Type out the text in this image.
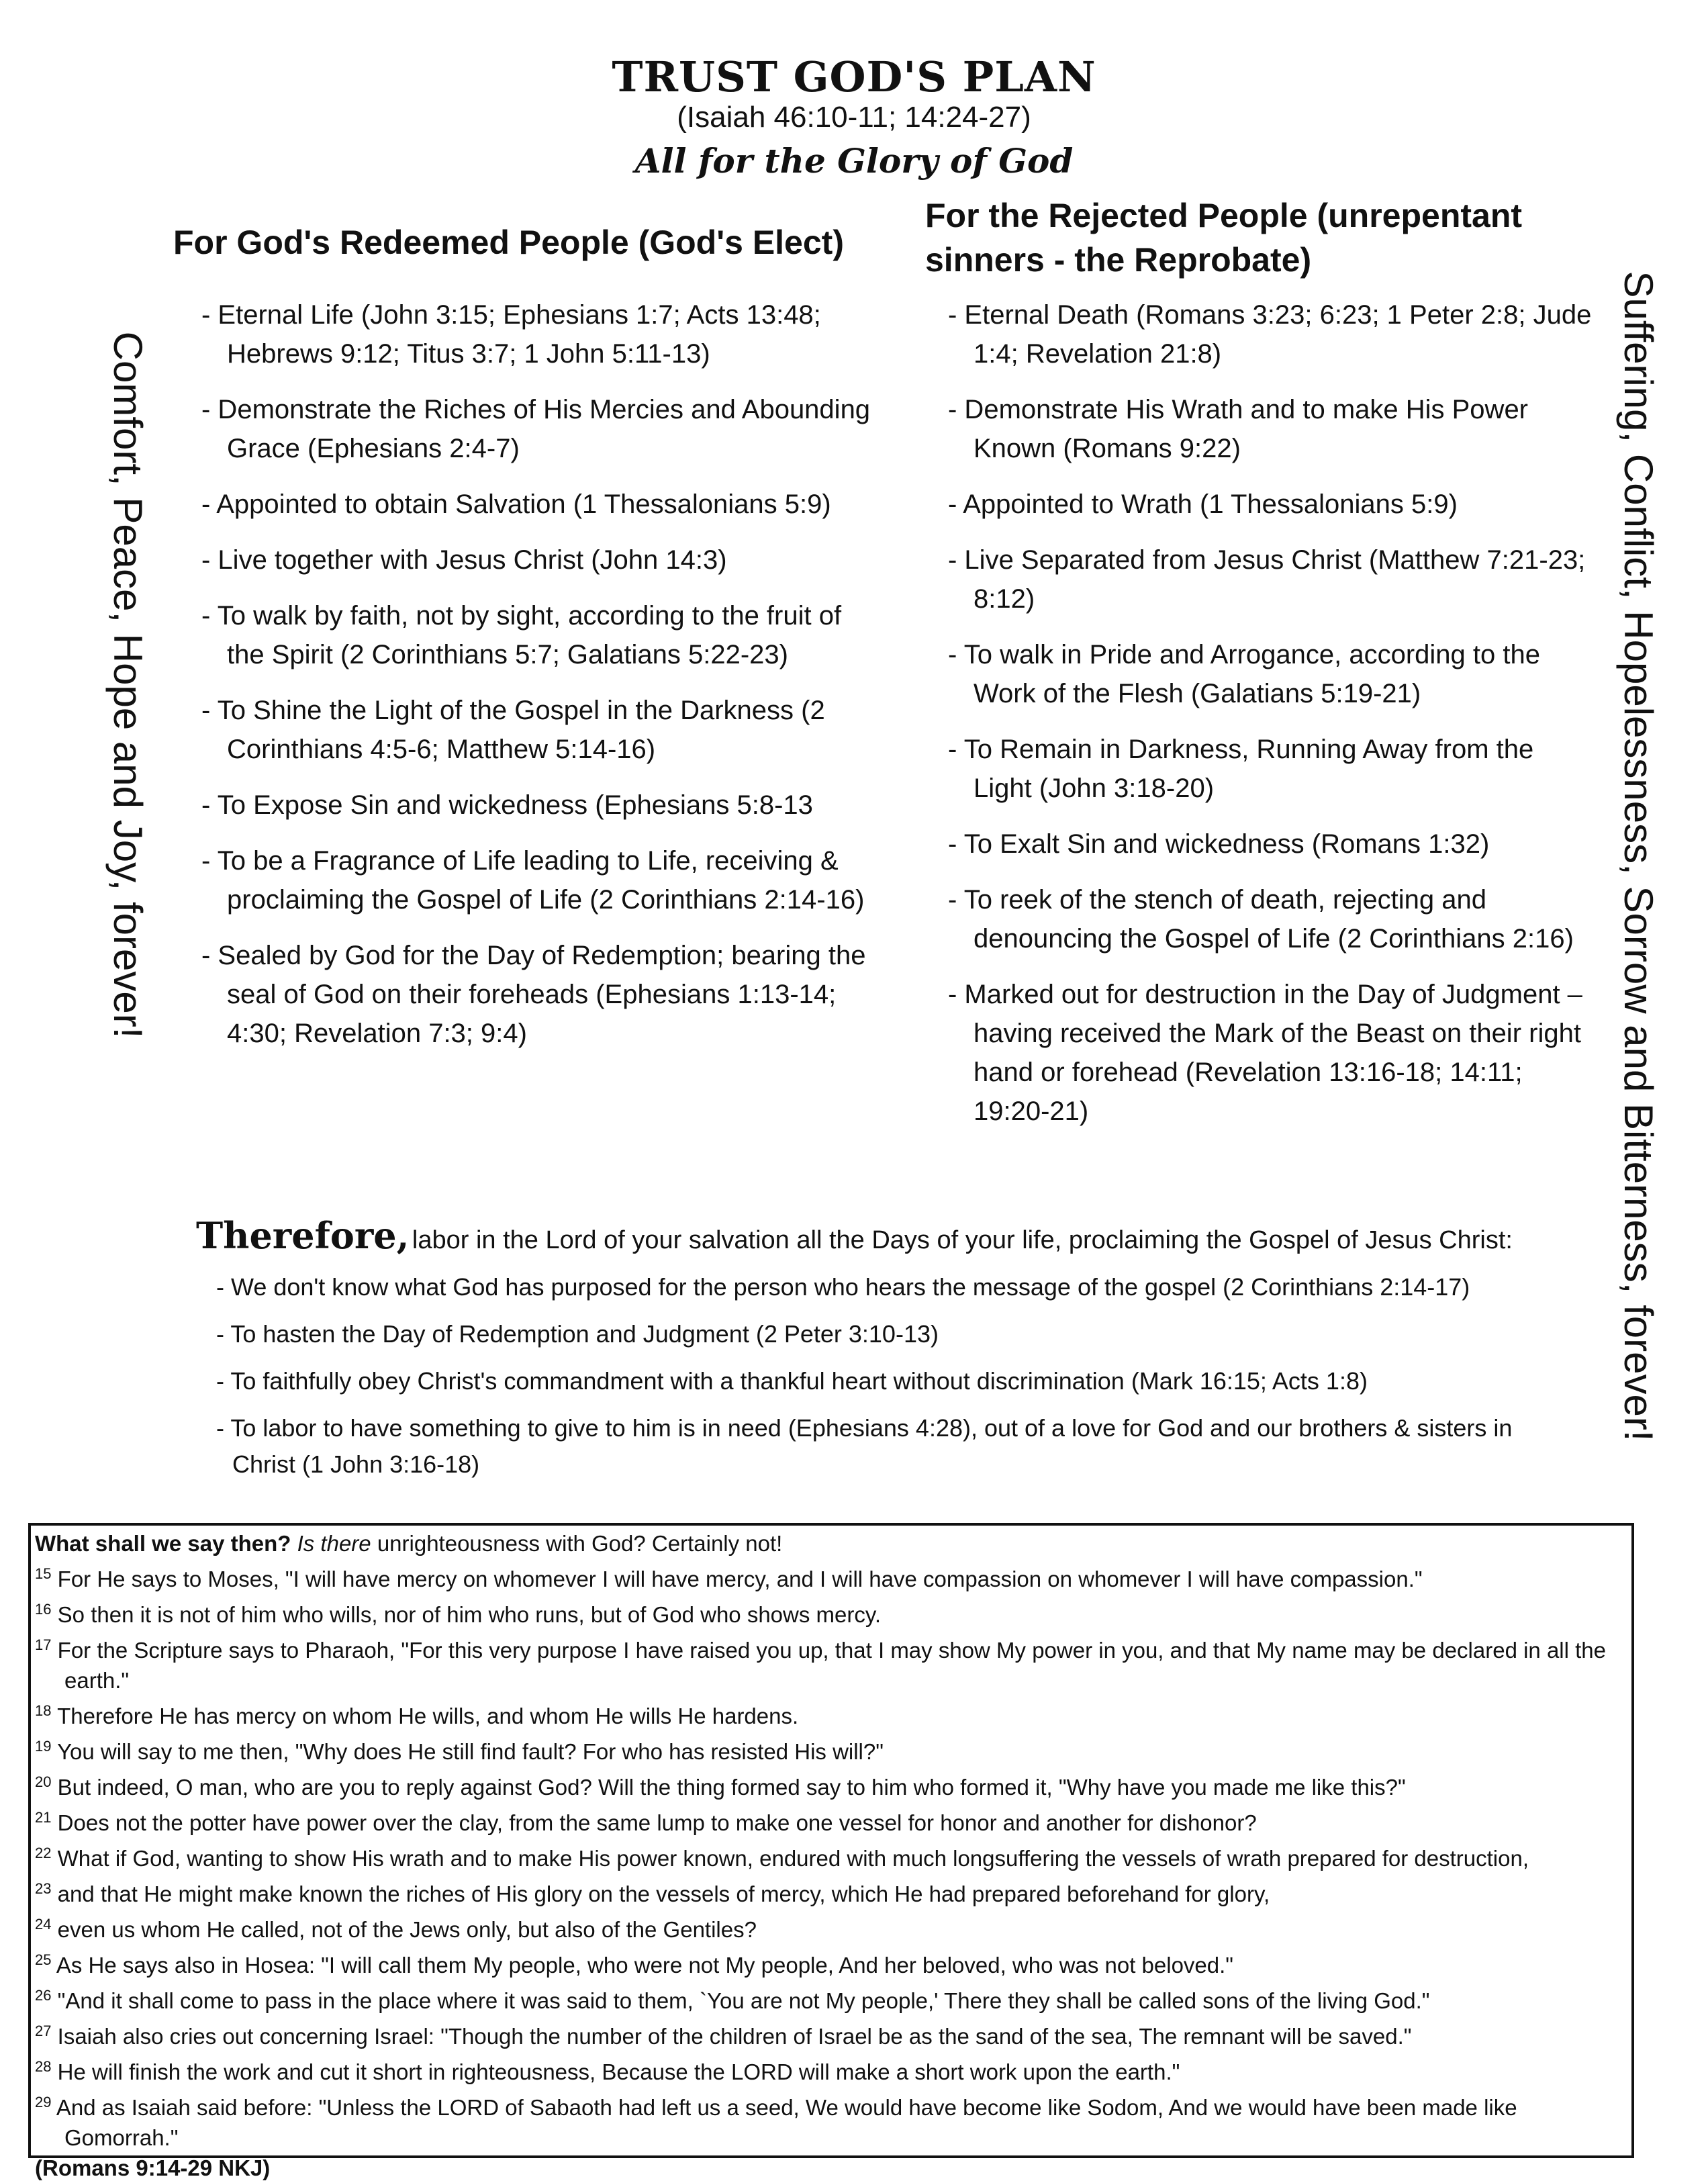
TRUST GOD'S PLAN
(Isaiah 46:10-11; 14:24-27)
All for the Glory of God
For God's Redeemed People (God's Elect)
For the Rejected People (unrepentant sinners - the Reprobate)
- Eternal Life (John 3:15; Ephesians 1:7; Acts 13:48; Hebrews 9:12; Titus 3:7; 1 John 5:11-13)
- Demonstrate the Riches of His Mercies and Abounding Grace (Ephesians 2:4-7)
- Appointed to obtain Salvation (1 Thessalonians 5:9)
- Live together with Jesus Christ (John 14:3)
- To walk by faith, not by sight, according to the fruit of the Spirit (2 Corinthians 5:7; Galatians 5:22-23)
- To Shine the Light of the Gospel in the Darkness (2 Corinthians 4:5-6; Matthew 5:14-16)
- To Expose Sin and wickedness (Ephesians 5:8-13
- To be a Fragrance of Life leading to Life, receiving & proclaiming the Gospel of Life (2 Corinthians 2:14-16)
- Sealed by God for the Day of Redemption; bearing the seal of God on their foreheads (Ephesians 1:13-14; 4:30; Revelation 7:3; 9:4)
- Eternal Death (Romans 3:23; 6:23; 1 Peter 2:8; Jude 1:4; Revelation 21:8)
- Demonstrate His Wrath and to make His Power Known (Romans 9:22)
- Appointed to Wrath (1 Thessalonians 5:9)
- Live Separated from Jesus Christ (Matthew 7:21-23; 8:12)
- To walk in Pride and Arrogance, according to the Work of the Flesh (Galatians 5:19-21)
- To Remain in Darkness, Running Away from the Light (John 3:18-20)
- To Exalt Sin and wickedness (Romans 1:32)
- To reek of the stench of death, rejecting and denouncing the Gospel of Life (2 Corinthians 2:16)
- Marked out for destruction in the Day of Judgment – having received the Mark of the Beast on their right hand or forehead (Revelation 13:16-18; 14:11; 19:20-21)
Comfort, Peace, Hope and Joy, forever!	Suffering, Conflict, Hopelessness, Sorrow and Bitterness, forever!
Therefore, labor in the Lord of your salvation all the Days of your life, proclaiming the Gospel of Jesus Christ:
- We don't know what God has purposed for the person who hears the message of the gospel (2 Corinthians 2:14-17)
- To hasten the Day of Redemption and Judgment (2 Peter 3:10-13)
- To faithfully obey Christ's commandment with a thankful heart without discrimination (Mark 16:15; Acts 1:8)
- To labor to have something to give to him is in need (Ephesians 4:28), out of a love for God and our brothers & sisters in Christ (1 John 3:16-18)
What shall we say then? Is there unrighteousness with God? Certainly not!
$^{15}$ For He says to Moses, "I will have mercy on whomever I will have mercy, and I will have compassion on whomever I will have compassion."
$^{16}$ So then it is not of him who wills, nor of him who runs, but of God who shows mercy.
$^{17}$ For the Scripture says to Pharaoh, "For this very purpose I have raised you up, that I may show My power in you, and that My name may be declared in all the earth."
$^{18}$ Therefore He has mercy on whom He wills, and whom He wills He hardens.
$^{19}$ You will say to me then, "Why does He still find fault? For who has resisted His will?"
$^{20}$ But indeed, O man, who are you to reply against God? Will the thing formed say to him who formed it, "Why have you made me like this?"
$^{21}$ Does not the potter have power over the clay, from the same lump to make one vessel for honor and another for dishonor?
$^{22}$ What if God, wanting to show His wrath and to make His power known, endured with much longsuffering the vessels of wrath prepared for destruction,
$^{23}$ and that He might make known the riches of His glory on the vessels of mercy, which He had prepared beforehand for glory,
$^{24}$ even us whom He called, not of the Jews only, but also of the Gentiles?
$^{25}$ As He says also in Hosea: "I will call them My people, who were not My people, And her beloved, who was not beloved."
$^{26}$ "And it shall come to pass in the place where it was said to them, `You are not My people,' There they shall be called sons of the living God."
$^{27}$ Isaiah also cries out concerning Israel: "Though the number of the children of Israel be as the sand of the sea, The remnant will be saved."
$^{28}$ He will finish the work and cut it short in righteousness, Because the LORD will make a short work upon the earth."
$^{29}$ And as Isaiah said before: "Unless the LORD of Sabaoth had left us a seed, We would have become like Sodom, And we would have been made like Gomorrah."
(Romans 9:14-29 NKJ)
